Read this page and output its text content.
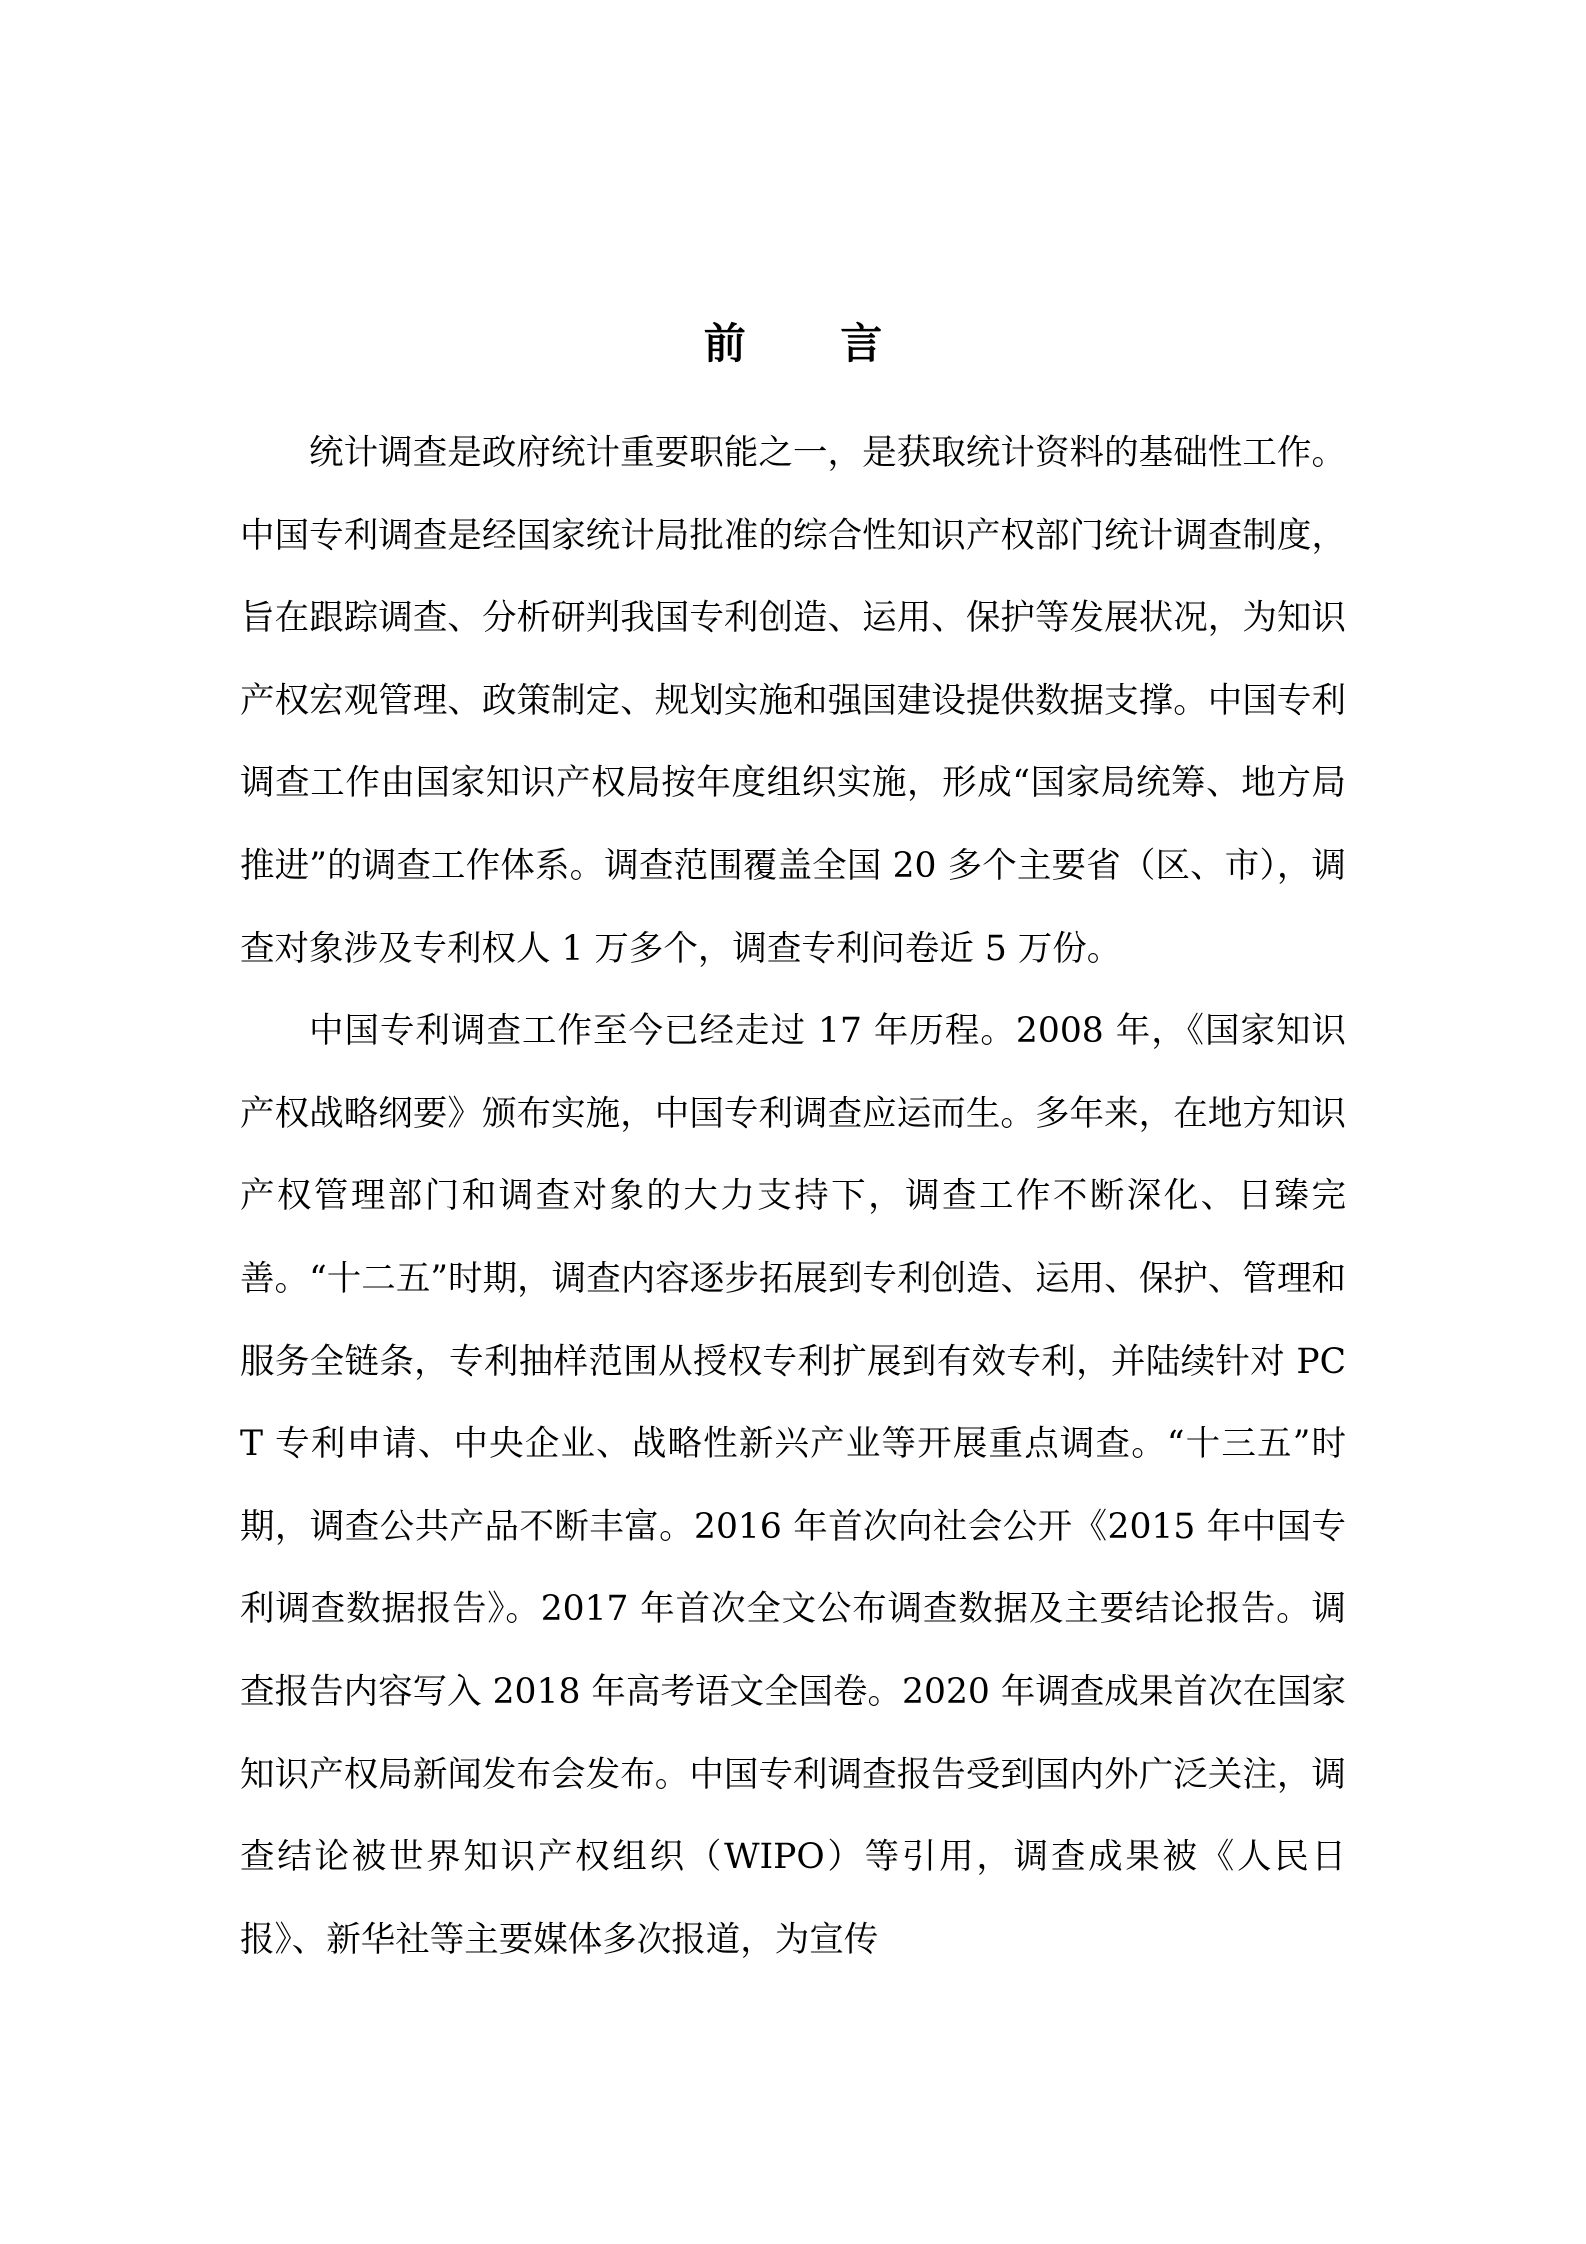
前 言

统计调查是政府统计重要职能之一，是获取统计资料的基础性工作。中国专利调查是经国家统计局批准的综合性知识产权部门统计调查制度，旨在跟踪调查、分析研判我国专利创造、运用、保护等发展状况，为知识产权宏观管理、政策制定、规划实施和强国建设提供数据支撑。中国专利调查工作由国家知识产权局按年度组织实施，形成“国家局统筹、地方局推进”的调查工作体系。调查范围覆盖全国 20 多个主要省（区、市），调查对象涉及专利权人 1 万多个，调查专利问卷近 5 万份。

中国专利调查工作至今已经走过 17 年历程。2008 年，《国家知识产权战略纲要》颁布实施，中国专利调查应运而生。多年来，在地方知识产权管理部门和调查对象的大力支持下，调查工作不断深化、日臻完善。“十二五”时期，调查内容逐步拓展到专利创造、运用、保护、管理和服务全链条，专利抽样范围从授权专利扩展到有效专利，并陆续针对 PCT 专利申请、中央企业、战略性新兴产业等开展重点调查。“十三五”时期，调查公共产品不断丰富。2016 年首次向社会公开《2015 年中国专利调查数据报告》。2017 年首次全文公布调查数据及主要结论报告。调查报告内容写入 2018 年高考语文全国卷。2020 年调查成果首次在国家知识产权局新闻发布会发布。中国专利调查报告受到国内外广泛关注，调查结论被世界知识产权组织（WIPO）等引用，调查成果被《人民日报》、新华社等主要媒体多次报道，为宣传
